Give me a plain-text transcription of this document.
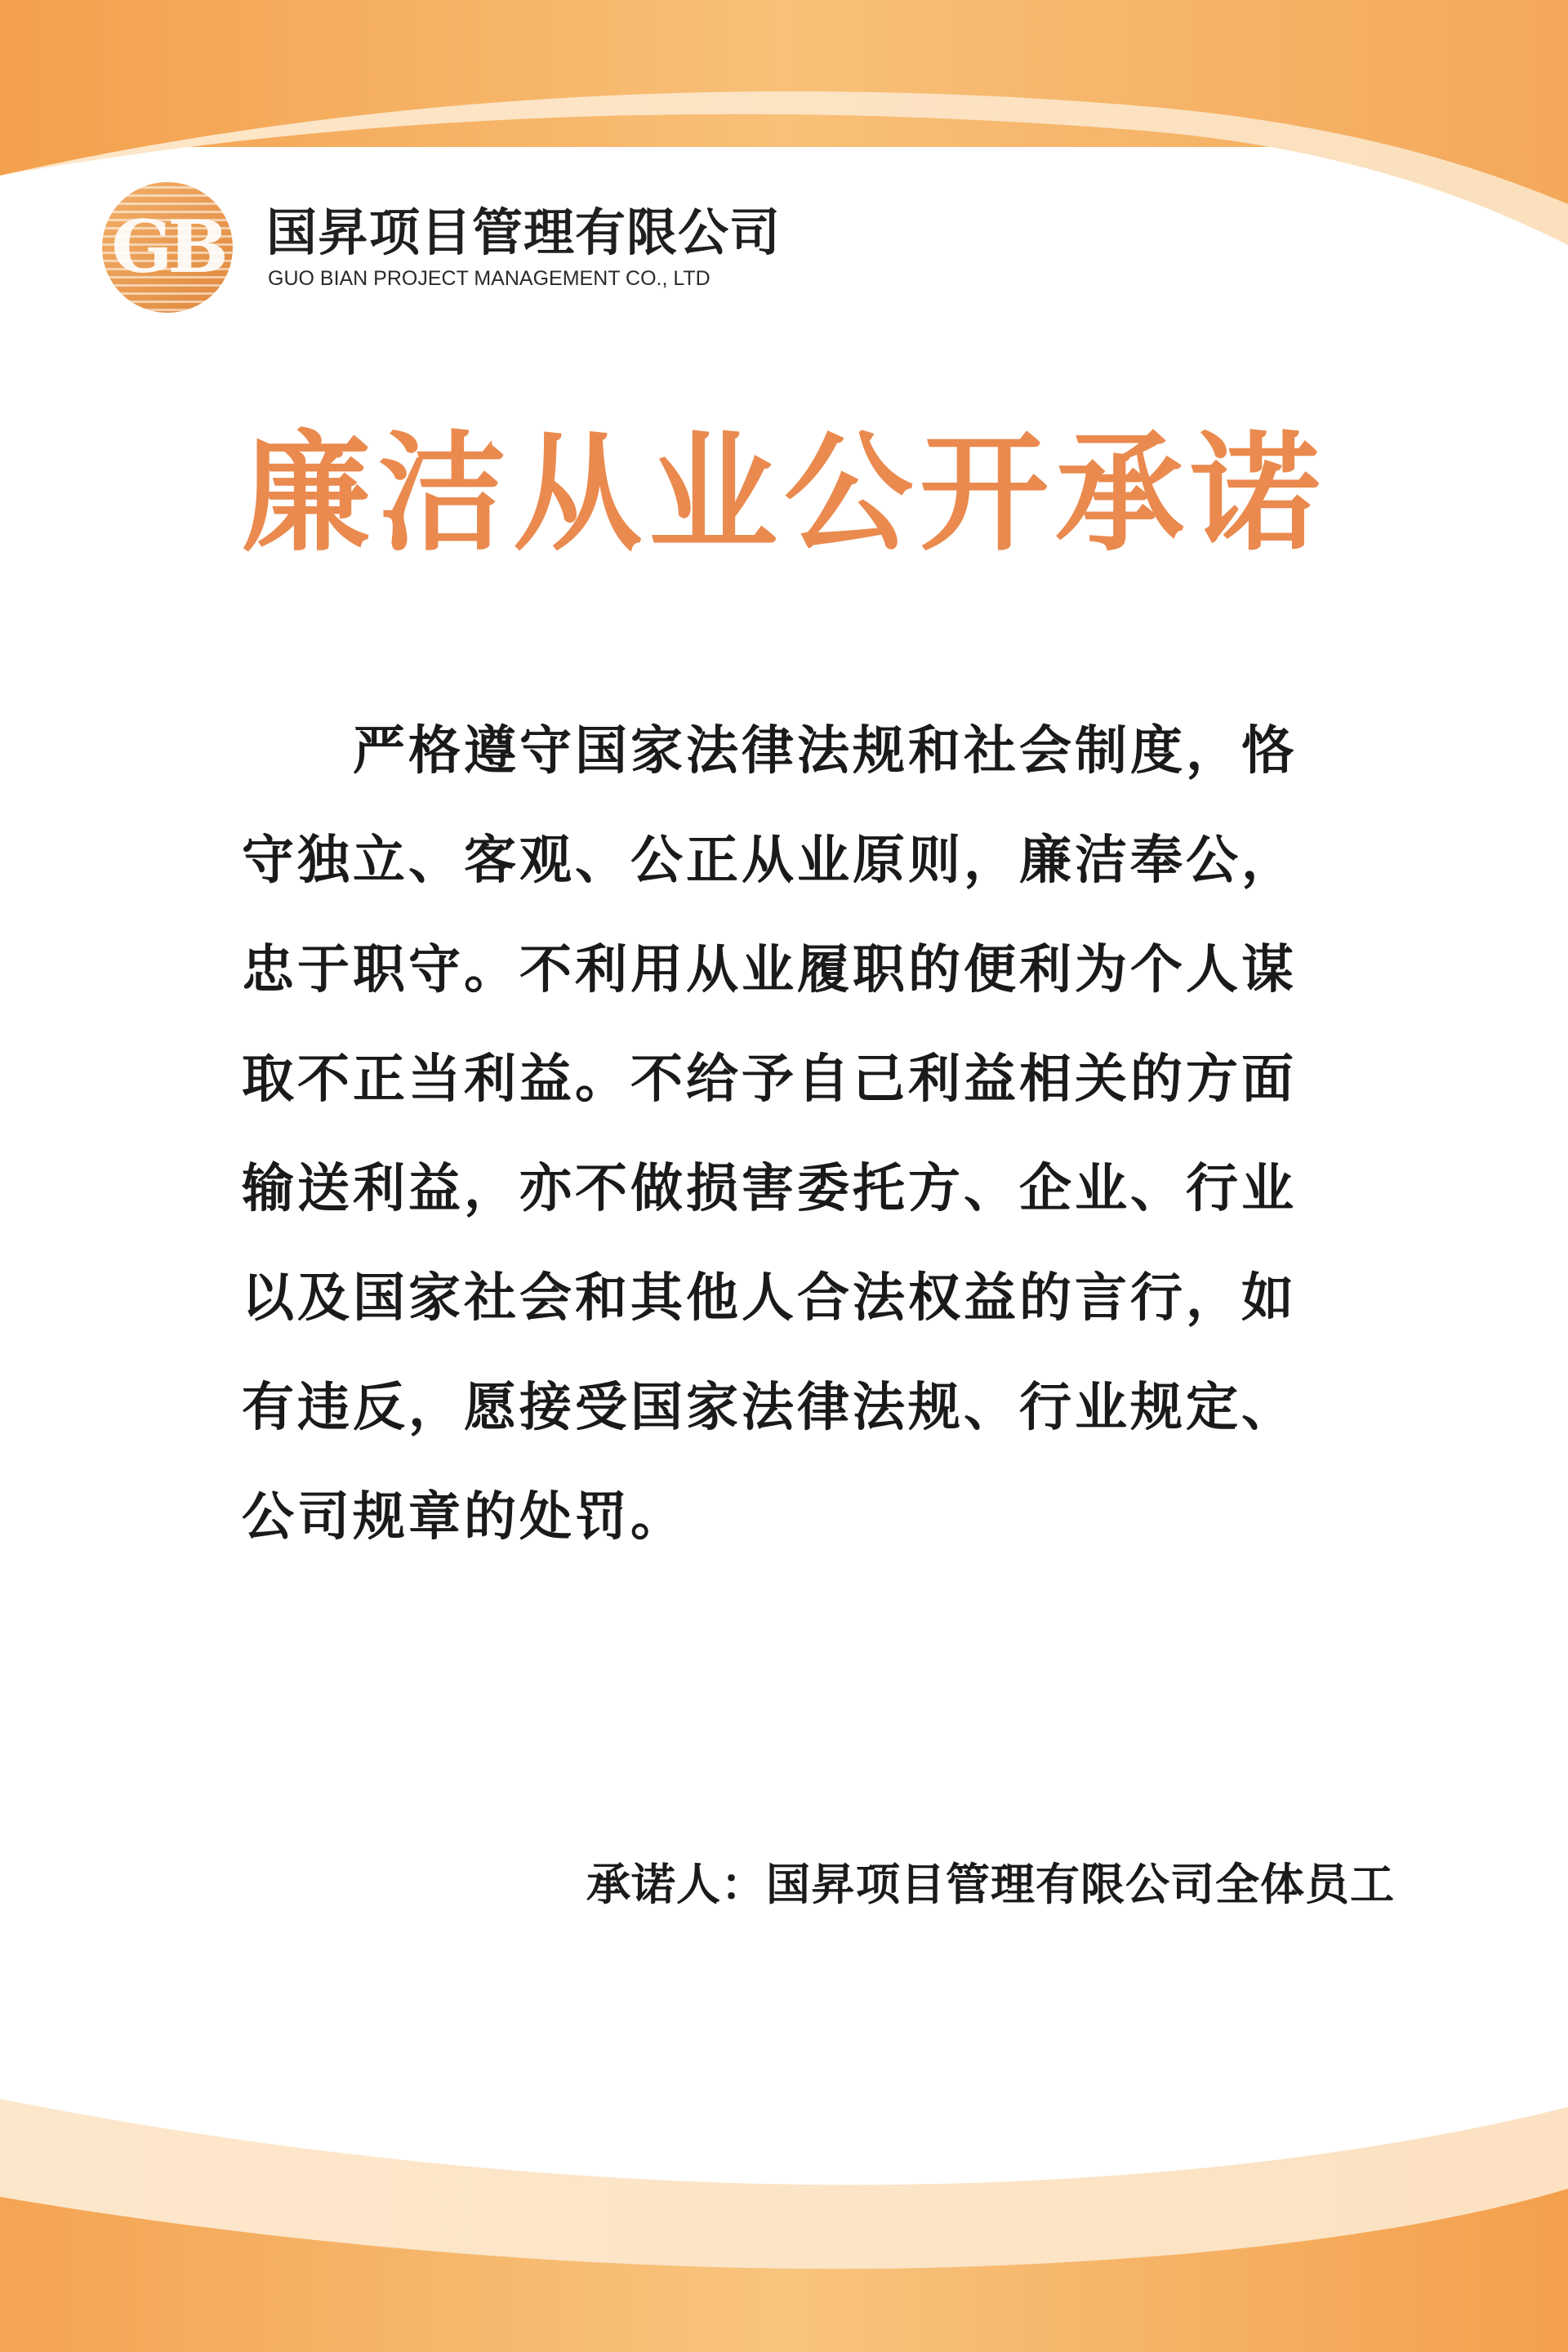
GB 国昇项目管理有限公司
GUO BIAN PROJECT MANAGEMENT CO., LTD
廉洁从业公开承诺
严格遵守国家法律法规和社会制度，恪
守独立、客观、公正从业原则，廉洁奉公，
忠于职守。不利用从业履职的便利为个人谋
取不正当利益。不给予自己利益相关的方面
输送利益，亦不做损害委托方、企业、行业
以及国家社会和其他人合法权益的言行，如
有违反，愿接受国家法律法规、行业规定、
公司规章的处罚。
承诺人：国昇项目管理有限公司全体员工
